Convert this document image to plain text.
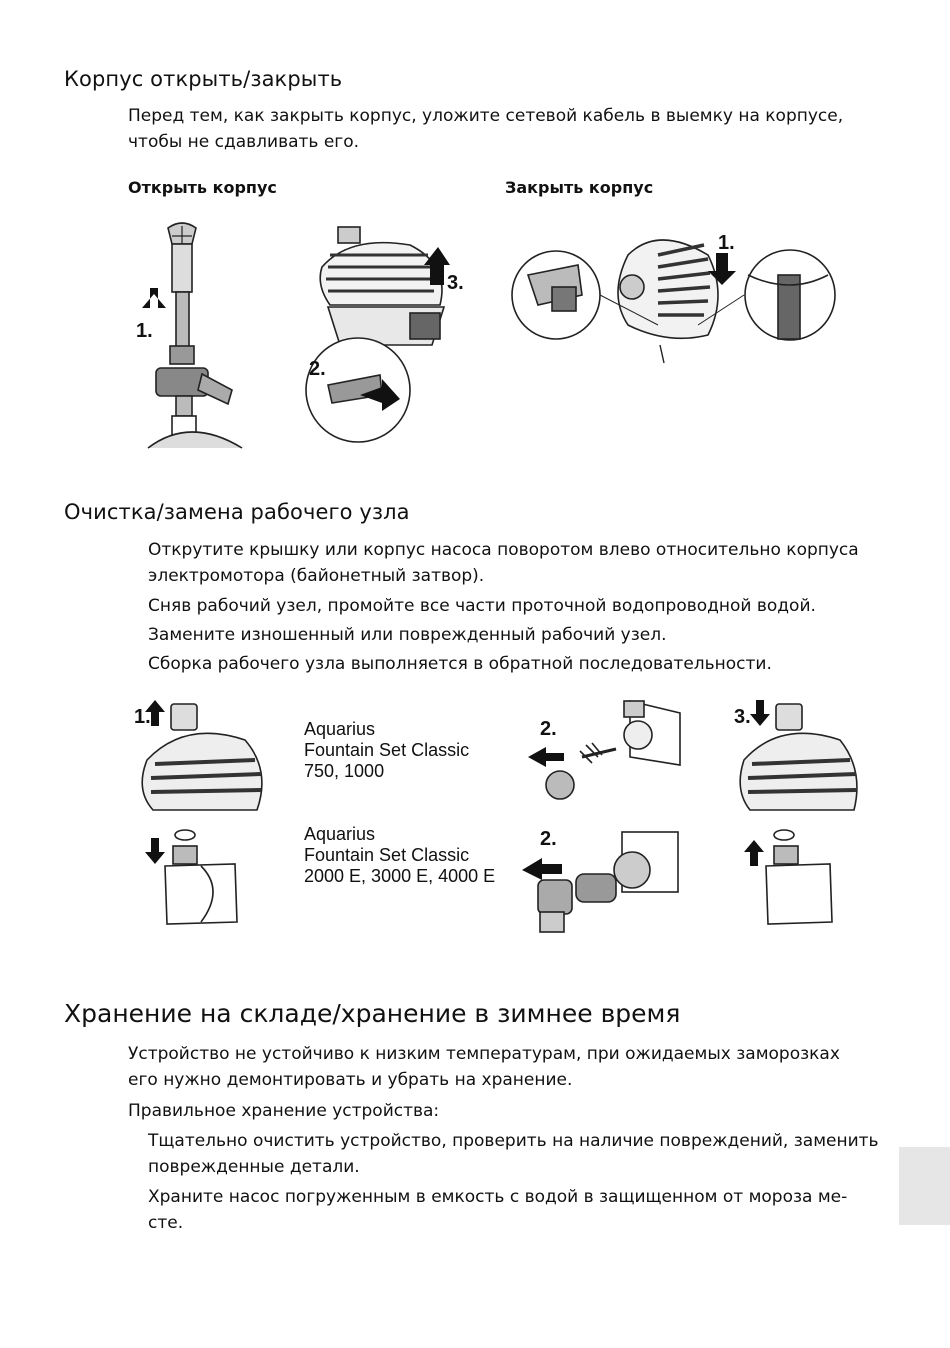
Корпус открыть/закрыть

Перед тем, как закрыть корпус, уложите сетевой кабель в выемку на корпусе,

чтобы не сдавливать его.

Открыть корпус	Закрыть корпус
1.
3.
2.
1.
Очистка/замена рабочего узла

Открутите крышку или корпус насоса поворотом влево относительно корпуса

электромотора (байонетный затвор).

Сняв рабочий узел, промойте все части проточной водопроводной водой.

Замените изношенный или поврежденный рабочий узел.

Сборка рабочего узла выполняется в обратной последовательности.

1.
Aquarius
Fountain Set Classic
750, 1000
Aquarius
Fountain Set Classic
2000 E, 3000 E, 4000 E
2.
2.
3.
Хранение на складе/хранение в зимнее время

Устройство не устойчиво к низким температурам, при ожидаемых заморозках

его нужно демонтировать и убрать на хранение.

Правильное хранение устройства:

Тщательно очистить устройство, проверить на наличие повреждений, заменить

поврежденные детали.

Храните насос погруженным в емкость с водой в защищенном от мороза ме-

сте.
